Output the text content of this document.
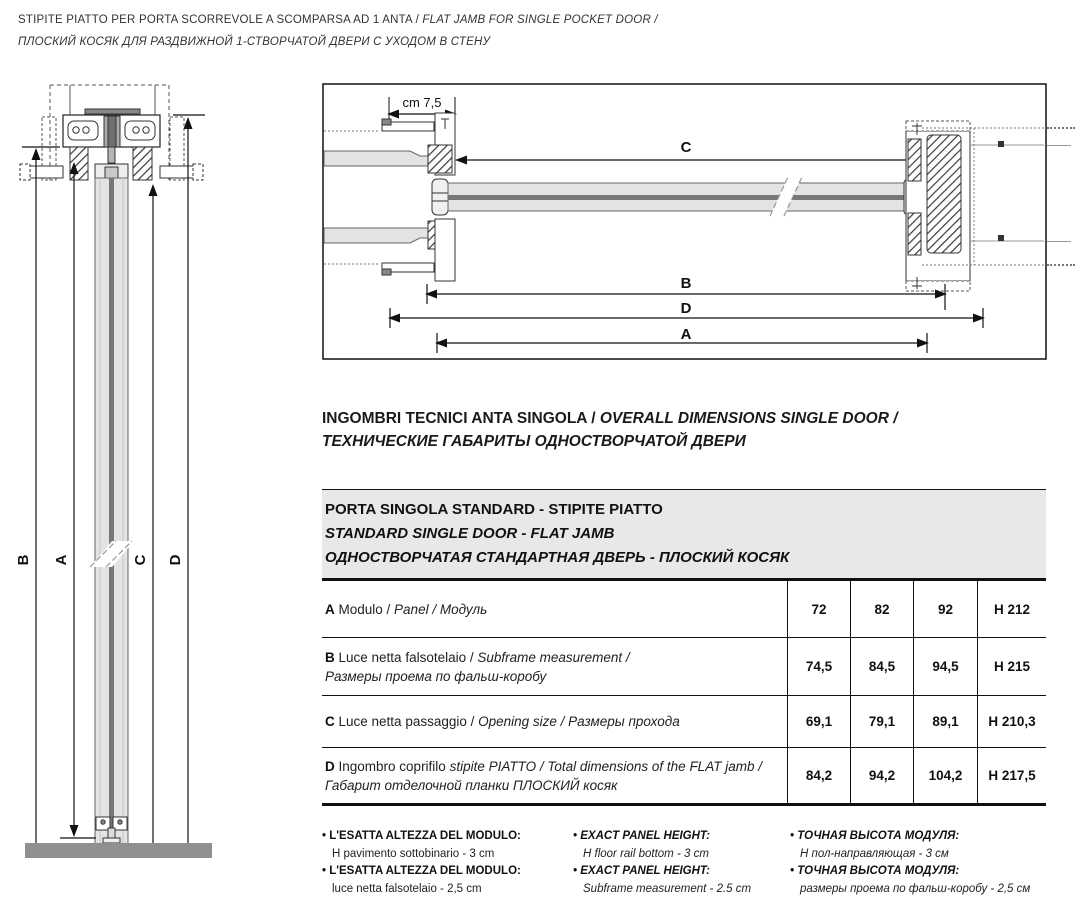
STIPITE PIATTO PER PORTA SCORREVOLE A SCOMPARSA AD 1 ANTA / FLAT JAMB FOR SINGLE POCKET DOOR /
ПЛОСКИЙ КОСЯК ДЛЯ РАЗДВИЖНОЙ 1-СТВОРЧАТОЙ ДВЕРИ С УХОДОМ В СТЕНУ
B A	C D
cm 7,5
C
B
D
A
INGOMBRI TECNICI ANTA SINGOLA / OVERALL DIMENSIONS SINGLE DOOR /
ТЕХНИЧЕСКИЕ ГАБАРИТЫ ОДНОСТВОРЧАТОЙ ДВЕРИ
PORTA SINGOLA STANDARD - STIPITE PIATTO
STANDARD SINGLE DOOR - FLAT JAMB
ОДНОСТВОРЧАТАЯ СТАНДАРТНАЯ ДВЕРЬ - ПЛОСКИЙ КОСЯК
A Modulo / Panel / Модуль	72	82	92	H 212
B Luce netta falsotelaio / Subframe measurement /
Размеры проема по фальш-коробу
74,5	84,5	94,5	H 215
C Luce netta passaggio / Opening size / Размеры прохода	69,1	79,1	89,1	H 210,3
D Ingombro coprifilo stipite PIATTO / Total dimensions of the FLAT jamb /
Габарит отделочной планки ПЛОСКИЙ косяк
84,2	94,2	104,2	H 217,5
• L'ESATTA ALTEZZA DEL MODULO:
H pavimento sottobinario - 3 cm
• L'ESATTA ALTEZZA DEL MODULO:
luce netta falsotelaio - 2,5 cm
• EXACT PANEL HEIGHT:
H floor rail bottom - 3 cm
• EXACT PANEL HEIGHT:
Subframe measurement - 2.5 cm
• ТОЧНАЯ ВЫСОТА МОДУЛЯ:
Н пол-направляющая - 3 см
• ТОЧНАЯ ВЫСОТА МОДУЛЯ:
размеры проема по фальш-коробу - 2,5 см
